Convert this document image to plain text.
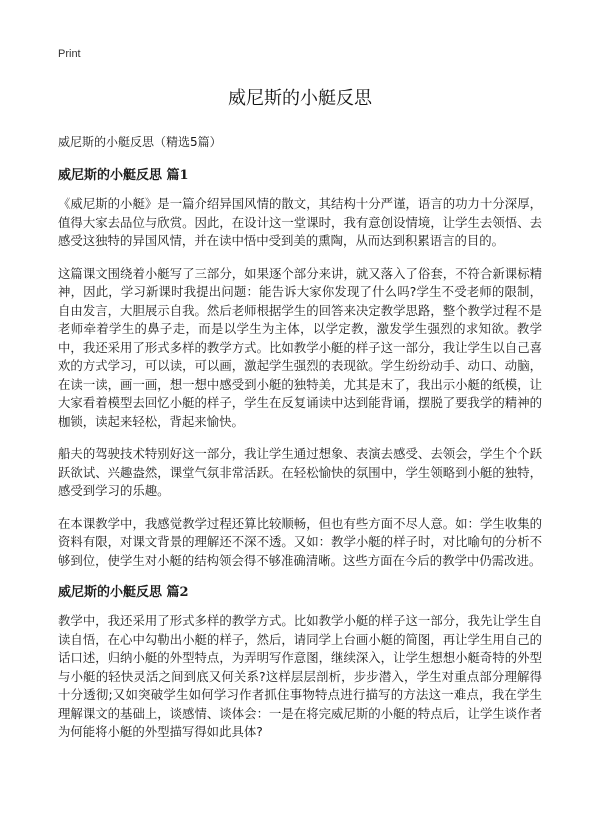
Print
威尼斯的小艇反思

威尼斯的小艇反思（精选5篇）

威尼斯的小艇反思 篇1

《威尼斯的小艇》是一篇介绍异国风情的散文，其结构十分严谨，语言的功力十分深厚，值得大家去品位与欣赏。因此，在设计这一堂课时，我有意创设情境，让学生去领悟、去感受这独特的异国风情，并在读中悟中受到美的熏陶，从而达到积累语言的目的。

这篇课文围绕着小艇写了三部分，如果逐个部分来讲，就又落入了俗套，不符合新课标精神，因此，学习新课时我提出问题：能告诉大家你发现了什么吗?学生不受老师的限制，自由发言，大胆展示自我。然后老师根据学生的回答来决定教学思路，整个教学过程不是老师牵着学生的鼻子走，而是以学生为主体，以学定教，激发学生强烈的求知欲。教学中，我还采用了形式多样的教学方式。比如教学小艇的样子这一部分，我让学生以自己喜欢的方式学习，可以读，可以画，激起学生强烈的表现欲。学生纷纷动手、动口、动脑，在读一读，画一画，想一想中感受到小艇的独特美，尤其是末了，我出示小艇的纸模，让大家看着模型去回忆小艇的样子，学生在反复诵读中达到能背诵，摆脱了要我学的精神的枷锁，读起来轻松，背起来愉快。

船夫的驾驶技术特别好这一部分，我让学生通过想象、表演去感受、去领会，学生个个跃跃欲试、兴趣盎然，课堂气氛非常活跃。在轻松愉快的氛围中，学生领略到小艇的独特，感受到学习的乐趣。

在本课教学中，我感觉教学过程还算比较顺畅，但也有些方面不尽人意。如：学生收集的资料有限，对课文背景的理解还不深不透。又如：教学小艇的样子时，对比喻句的分析不够到位，使学生对小艇的结构领会得不够准确清晰。这些方面在今后的教学中仍需改进。

威尼斯的小艇反思 篇2

教学中，我还采用了形式多样的教学方式。比如教学小艇的样子这一部分，我先让学生自读自悟，在心中勾勒出小艇的样子，然后，请同学上台画小艇的简图，再让学生用自己的话口述，归纳小艇的外型特点，为弄明写作意图，继续深入，让学生想想小艇奇特的外型与小艇的轻快灵活之间到底又何关系?这样层层剖析，步步潜入，学生对重点部分理解得十分透彻;又如突破学生如何学习作者抓住事物特点进行描写的方法这一难点，我在学生理解课文的基础上，谈感情、谈体会：一是在将完威尼斯的小艇的特点后，让学生谈作者为何能将小艇的外型描写得如此具体?
